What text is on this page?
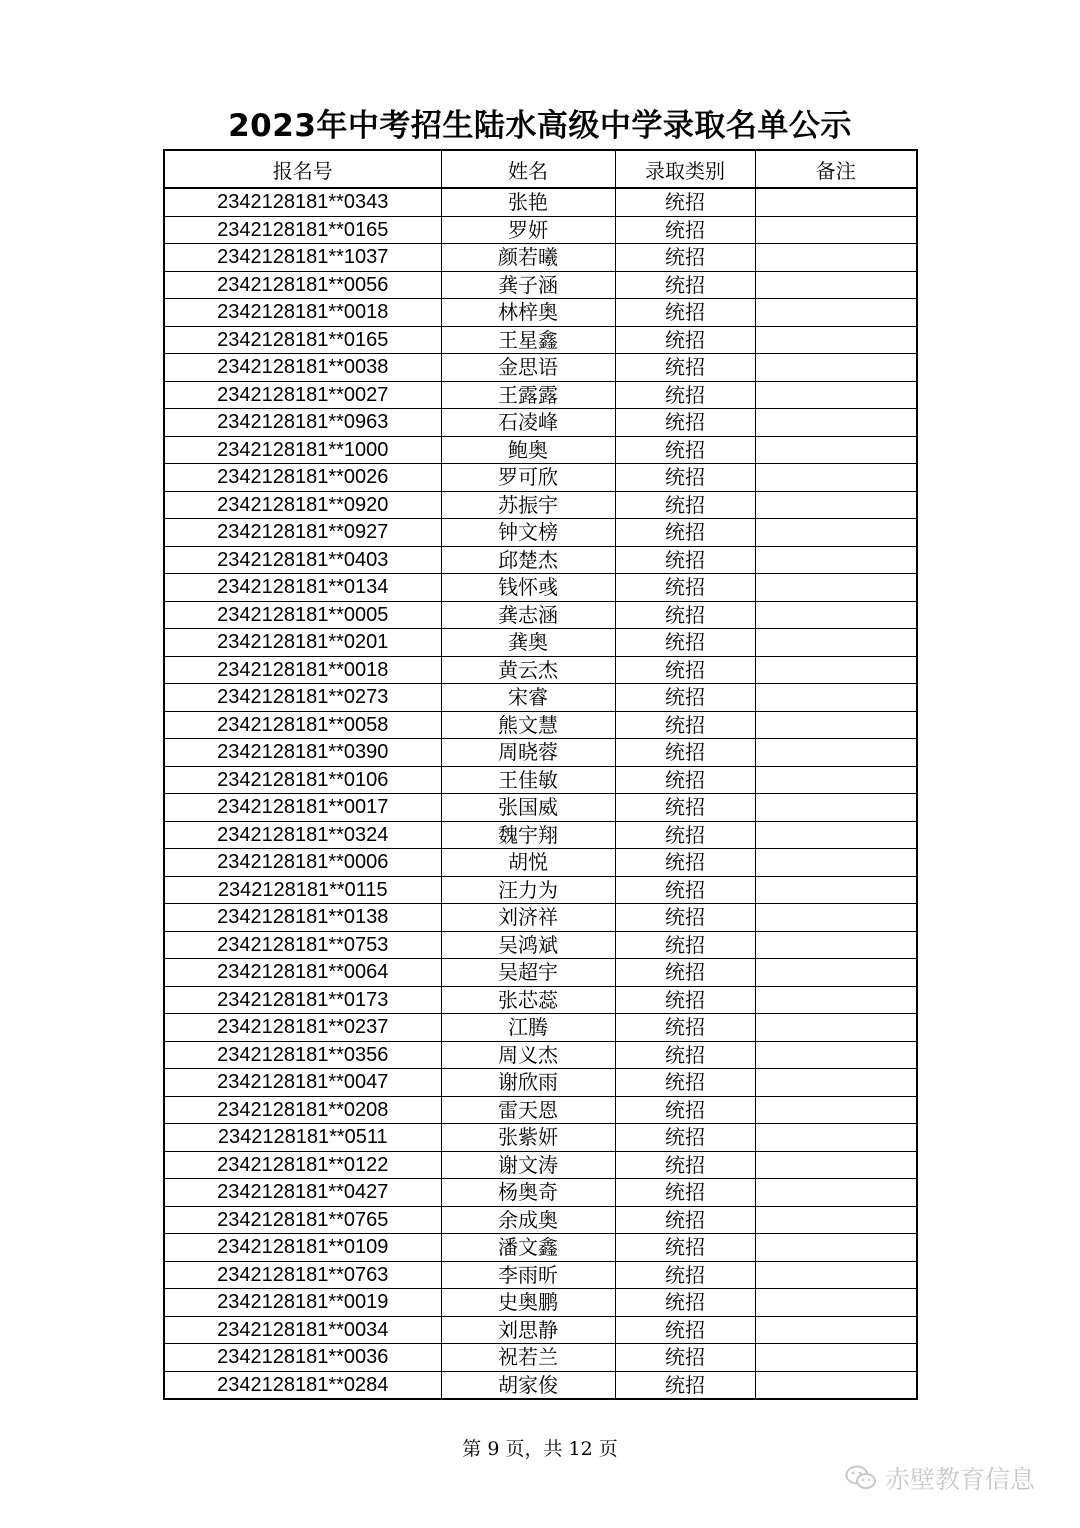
2023年中考招生陆水高级中学录取名单公示
报名号	姓名	录取类别	备注
2342128181**0343	张艳	统招	
2342128181**0165	罗妍	统招	
2342128181**1037	颜若曦	统招	
2342128181**0056	龚子涵	统招	
2342128181**0018	林梓奥	统招	
2342128181**0165	王星鑫	统招	
2342128181**0038	金思语	统招	
2342128181**0027	王露露	统招	
2342128181**0963	石凌峰	统招	
2342128181**1000	鲍奥	统招	
2342128181**0026	罗可欣	统招	
2342128181**0920	苏振宇	统招	
2342128181**0927	钟文榜	统招	
2342128181**0403	邱楚杰	统招	
2342128181**0134	钱怀彧	统招	
2342128181**0005	龚志涵	统招	
2342128181**0201	龚奥	统招	
2342128181**0018	黄云杰	统招	
2342128181**0273	宋睿	统招	
2342128181**0058	熊文慧	统招	
2342128181**0390	周晓蓉	统招	
2342128181**0106	王佳敏	统招	
2342128181**0017	张国威	统招	
2342128181**0324	魏宇翔	统招	
2342128181**0006	胡悦	统招	
2342128181**0115	汪力为	统招	
2342128181**0138	刘济祥	统招	
2342128181**0753	吴鸿斌	统招	
2342128181**0064	吴超宇	统招	
2342128181**0173	张芯蕊	统招	
2342128181**0237	江腾	统招	
2342128181**0356	周义杰	统招	
2342128181**0047	谢欣雨	统招	
2342128181**0208	雷天恩	统招	
2342128181**0511	张紫妍	统招	
2342128181**0122	谢文涛	统招	
2342128181**0427	杨奥奇	统招	
2342128181**0765	余成奥	统招	
2342128181**0109	潘文鑫	统招	
2342128181**0763	李雨昕	统招	
2342128181**0019	史奥鹏	统招	
2342128181**0034	刘思静	统招	
2342128181**0036	祝若兰	统招	
2342128181**0284	胡家俊	统招	
第 9 页，共 12 页
赤壁教育信息
